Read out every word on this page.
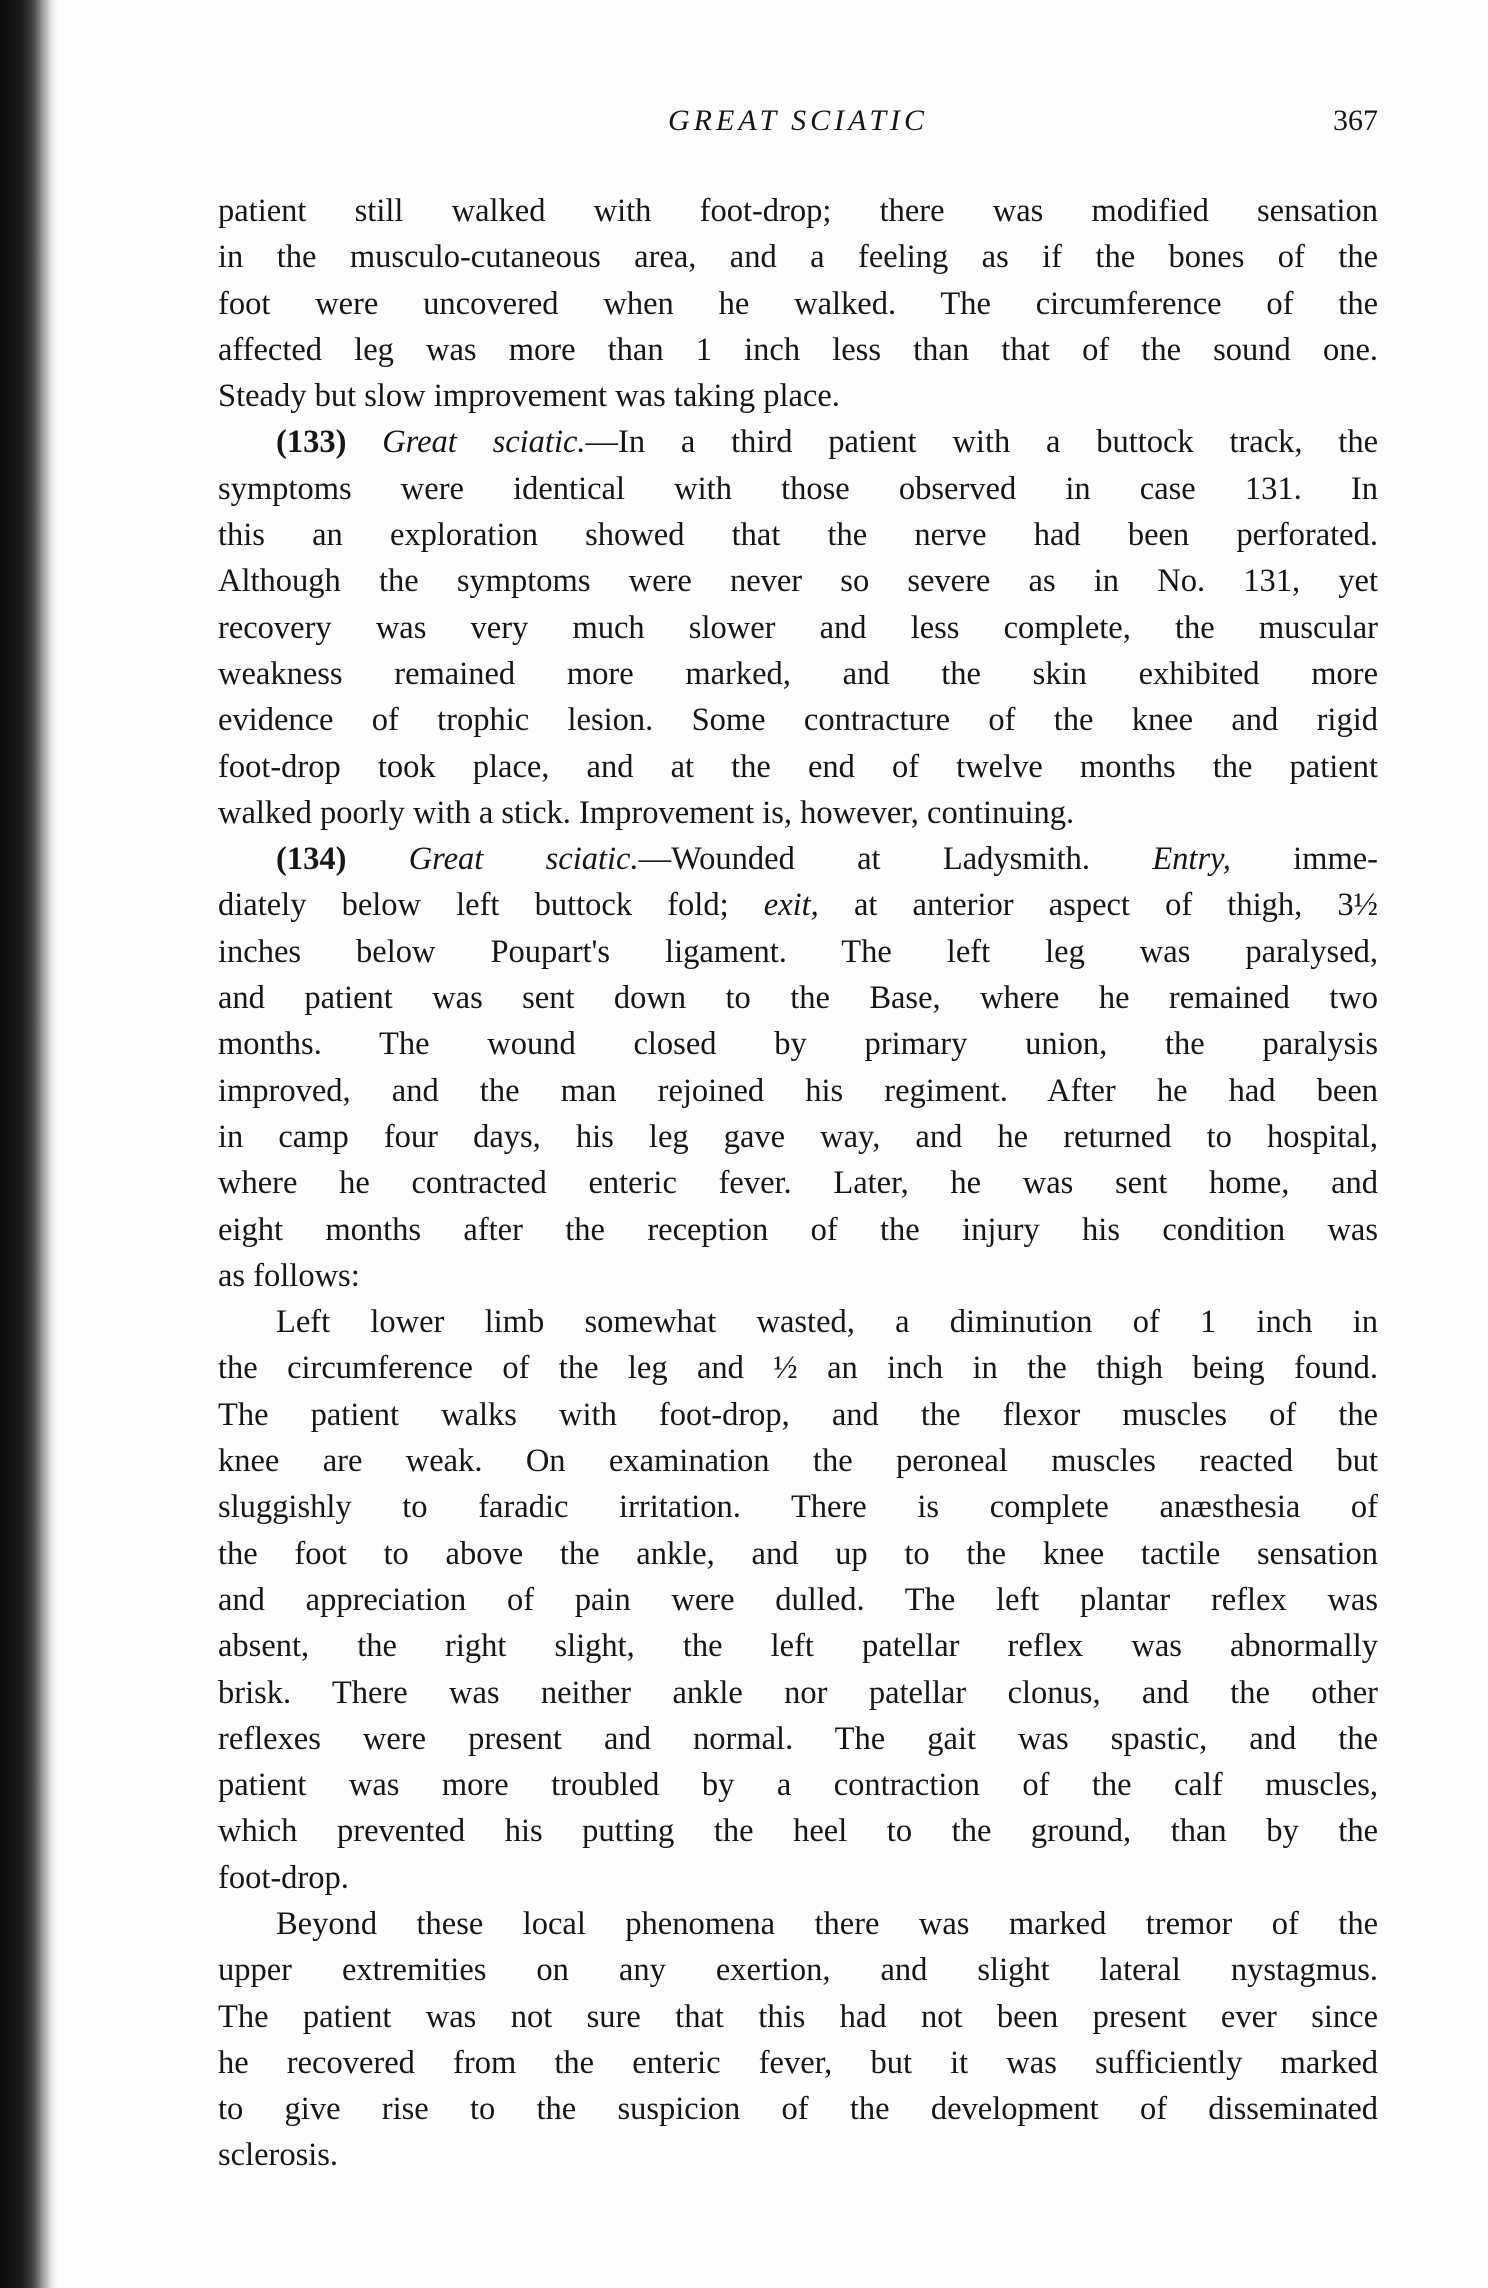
GREAT SCIATIC	367
patient still walked with foot-drop; there was modified sensation
in the musculo-cutaneous area, and a feeling as if the bones of the
foot were uncovered when he walked. The circumference of the
affected leg was more than 1 inch less than that of the sound one.
Steady but slow improvement was taking place.
(133) Great sciatic.—In a third patient with a buttock track, the
symptoms were identical with those observed in case 131. In
this an exploration showed that the nerve had been perforated.
Although the symptoms were never so severe as in No. 131, yet
recovery was very much slower and less complete, the muscular
weakness remained more marked, and the skin exhibited more
evidence of trophic lesion. Some contracture of the knee and rigid
foot-drop took place, and at the end of twelve months the patient
walked poorly with a stick. Improvement is, however, continuing.
(134) Great sciatic.—Wounded at Ladysmith. Entry, imme-
diately below left buttock fold; exit, at anterior aspect of thigh, 3½
inches below Poupart's ligament. The left leg was paralysed,
and patient was sent down to the Base, where he remained two
months. The wound closed by primary union, the paralysis
improved, and the man rejoined his regiment. After he had been
in camp four days, his leg gave way, and he returned to hospital,
where he contracted enteric fever. Later, he was sent home, and
eight months after the reception of the injury his condition was
as follows:
Left lower limb somewhat wasted, a diminution of 1 inch in
the circumference of the leg and ½ an inch in the thigh being found.
The patient walks with foot-drop, and the flexor muscles of the
knee are weak. On examination the peroneal muscles reacted but
sluggishly to faradic irritation. There is complete anæsthesia of
the foot to above the ankle, and up to the knee tactile sensation
and appreciation of pain were dulled. The left plantar reflex was
absent, the right slight, the left patellar reflex was abnormally
brisk. There was neither ankle nor patellar clonus, and the other
reflexes were present and normal. The gait was spastic, and the
patient was more troubled by a contraction of the calf muscles,
which prevented his putting the heel to the ground, than by the
foot-drop.
Beyond these local phenomena there was marked tremor of the
upper extremities on any exertion, and slight lateral nystagmus.
The patient was not sure that this had not been present ever since
he recovered from the enteric fever, but it was sufficiently marked
to give rise to the suspicion of the development of disseminated
sclerosis.
